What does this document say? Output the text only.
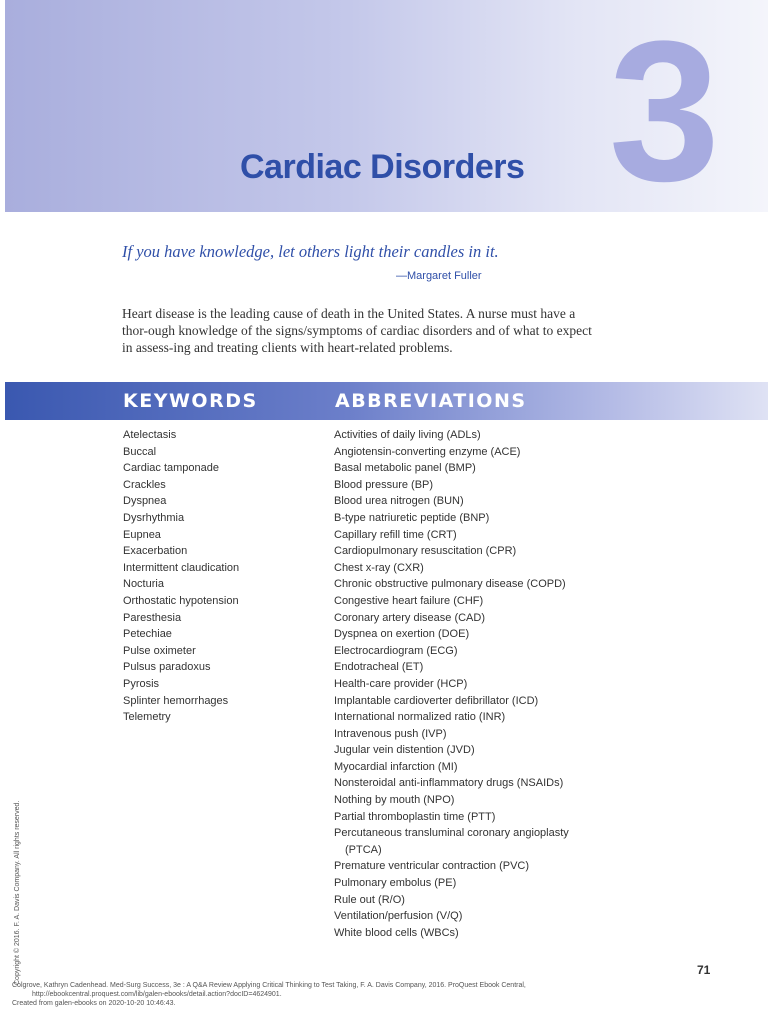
3
Cardiac Disorders
If you have knowledge, let others light their candles in it.
—Margaret Fuller

Heart disease is the leading cause of death in the United States. A nurse must have a thor-ough knowledge of the signs/symptoms of cardiac disorders and of what to expect in assess-ing and treating clients with heart-related problems.

KEYWORDS	ABBREVIATIONS
Atelectasis
Buccal
Cardiac tamponade
Crackles
Dyspnea
Dysrhythmia
Eupnea
Exacerbation
Intermittent claudication
Nocturia
Orthostatic hypotension
Paresthesia
Petechiae
Pulse oximeter
Pulsus paradoxus
Pyrosis
Splinter hemorrhages
Telemetry
Activities of daily living (ADLs)
Angiotensin-converting enzyme (ACE)
Basal metabolic panel (BMP)
Blood pressure (BP)
Blood urea nitrogen (BUN)
B-type natriuretic peptide (BNP)
Capillary refill time (CRT)
Cardiopulmonary resuscitation (CPR)
Chest x-ray (CXR)
Chronic obstructive pulmonary disease (COPD)
Congestive heart failure (CHF)
Coronary artery disease (CAD)
Dyspnea on exertion (DOE)
Electrocardiogram (ECG)
Endotracheal (ET)
Health-care provider (HCP)
Implantable cardioverter defibrillator (ICD)
International normalized ratio (INR)
Intravenous push (IVP)
Jugular vein distention (JVD)
Myocardial infarction (MI)
Nonsteroidal anti-inflammatory drugs (NSAIDs)
Nothing by mouth (NPO)
Partial thromboplastin time (PTT)
Percutaneous transluminal coronary angioplasty
(PTCA)
Premature ventricular contraction (PVC)
Pulmonary embolus (PE)
Rule out (R/O)
Ventilation/perfusion (V/Q)
White blood cells (WBCs)
Copyright © 2016. F. A. Davis Company. All rights reserved.	71
Colgrove, Kathryn Cadenhead. Med-Surg Success, 3e : A Q&A Review Applying Critical Thinking to Test Taking, F. A. Davis Company, 2016. ProQuest Ebook Central,
http://ebookcentral.proquest.com/lib/galen-ebooks/detail.action?docID=4624901.
Created from galen-ebooks on 2020-10-20 10:46:43.
